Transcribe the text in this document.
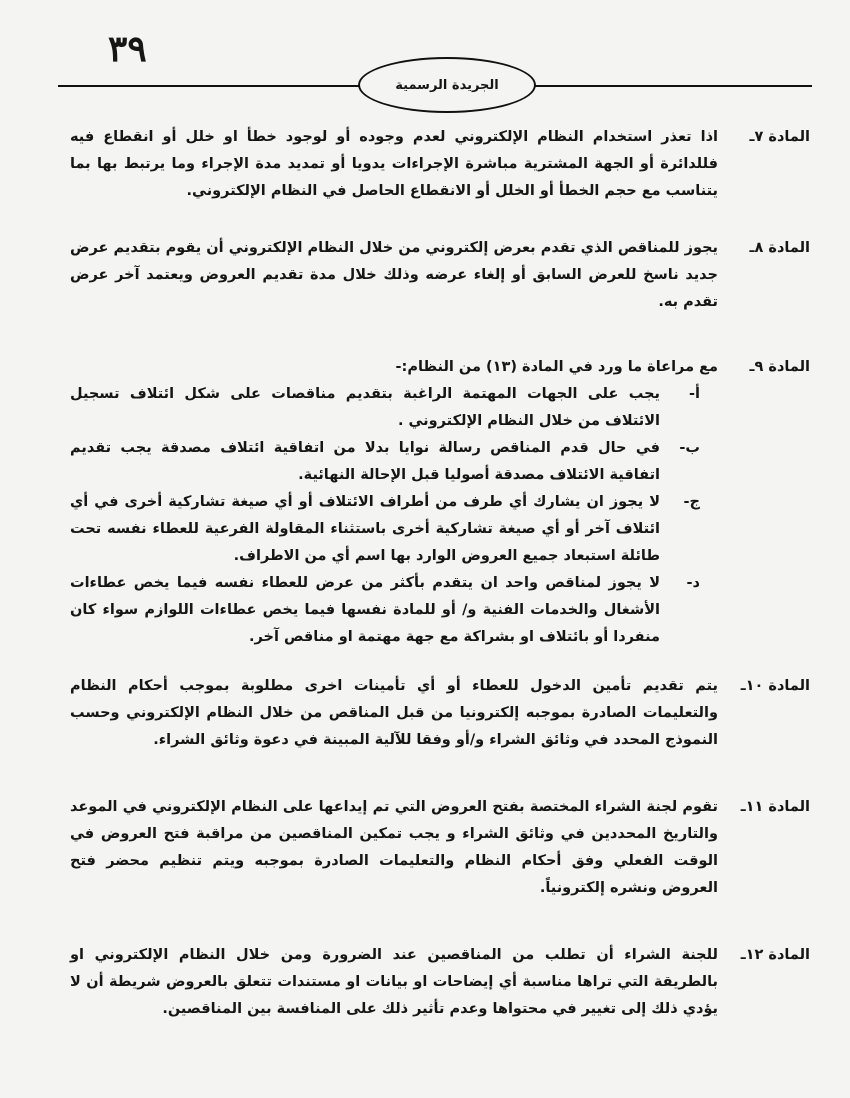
٣٩
الجريدة الرسمية
المادة ٧ـ
اذا تعذر استخدام النظام الإلكتروني لعدم وجوده أو لوجود خطأ او خلل أو انقطاع فيه فللدائرة أو الجهة المشترية مباشرة الإجراءات يدويا أو تمديد مدة الإجراء وما يرتبط بها بما يتناسب مع حجم الخطأ أو الخلل أو الانقطاع الحاصل في النظام الإلكتروني.
المادة ٨ـ
يجوز للمناقص الذي تقدم بعرض إلكتروني من خلال النظام الإلكتروني أن يقوم بتقديم عرض جديد ناسخ للعرض السابق أو إلغاء عرضه وذلك خلال مدة تقديم العروض ويعتمد آخر عرض تقدم به.
المادة ٩ـ
مع مراعاة ما ورد في المادة (١٣) من النظام:-
أ-
يجب على الجهات المهتمة الراغبة بتقديم مناقصات على شكل ائتلاف تسجيل الائتلاف من خلال النظام الإلكتروني .
ب-
في حال قدم المناقص رسالة نوايا بدلا من اتفاقية ائتلاف مصدقة يجب تقديم اتفاقية الائتلاف مصدقة أصوليا قبل الإحالة النهائية.
ج-
لا يجوز ان يشارك أي طرف من أطراف الائتلاف أو أي صيغة تشاركية أخرى في أي ائتلاف آخر أو أي صيغة تشاركية أخرى باستثناء المقاولة الفرعية للعطاء نفسه تحت طائلة استبعاد جميع العروض الوارد بها اسم أي من الاطراف.
د-
لا يجوز لمناقص واحد ان يتقدم بأكثر من عرض للعطاء نفسه فيما يخص عطاءات الأشغال والخدمات الفنية و/ أو للمادة نفسها فيما يخص عطاءات اللوازم سواء كان منفردا أو بائتلاف او بشراكة مع جهة مهتمة او مناقص آخر.
المادة ١٠ـ
يتم تقديم تأمين الدخول للعطاء أو أي تأمينات اخرى مطلوبة بموجب أحكام النظام والتعليمات الصادرة بموجبه إلكترونيا من قبل المناقص من خلال النظام الإلكتروني وحسب النموذج المحدد في وثائق الشراء و/أو وفقا للآلية المبينة في دعوة وثائق الشراء.
المادة ١١ـ
تقوم لجنة الشراء المختصة بفتح العروض التي تم إيداعها على النظام الإلكتروني في الموعد والتاريخ المحددين في وثائق الشراء و يجب تمكين المناقصين من مراقبة فتح العروض في الوقت الفعلي وفق أحكام النظام والتعليمات الصادرة بموجبه ويتم تنظيم محضر فتح العروض ونشره إلكترونياً.
المادة ١٢ـ
للجنة الشراء أن تطلب من المناقصين عند الضرورة ومن خلال النظام الإلكتروني او بالطريقة التي تراها مناسبة أي إيضاحات او بيانات او مستندات تتعلق بالعروض شريطة أن لا يؤدي ذلك إلى تغيير في محتواها وعدم تأثير ذلك على المنافسة بين المناقصين.
